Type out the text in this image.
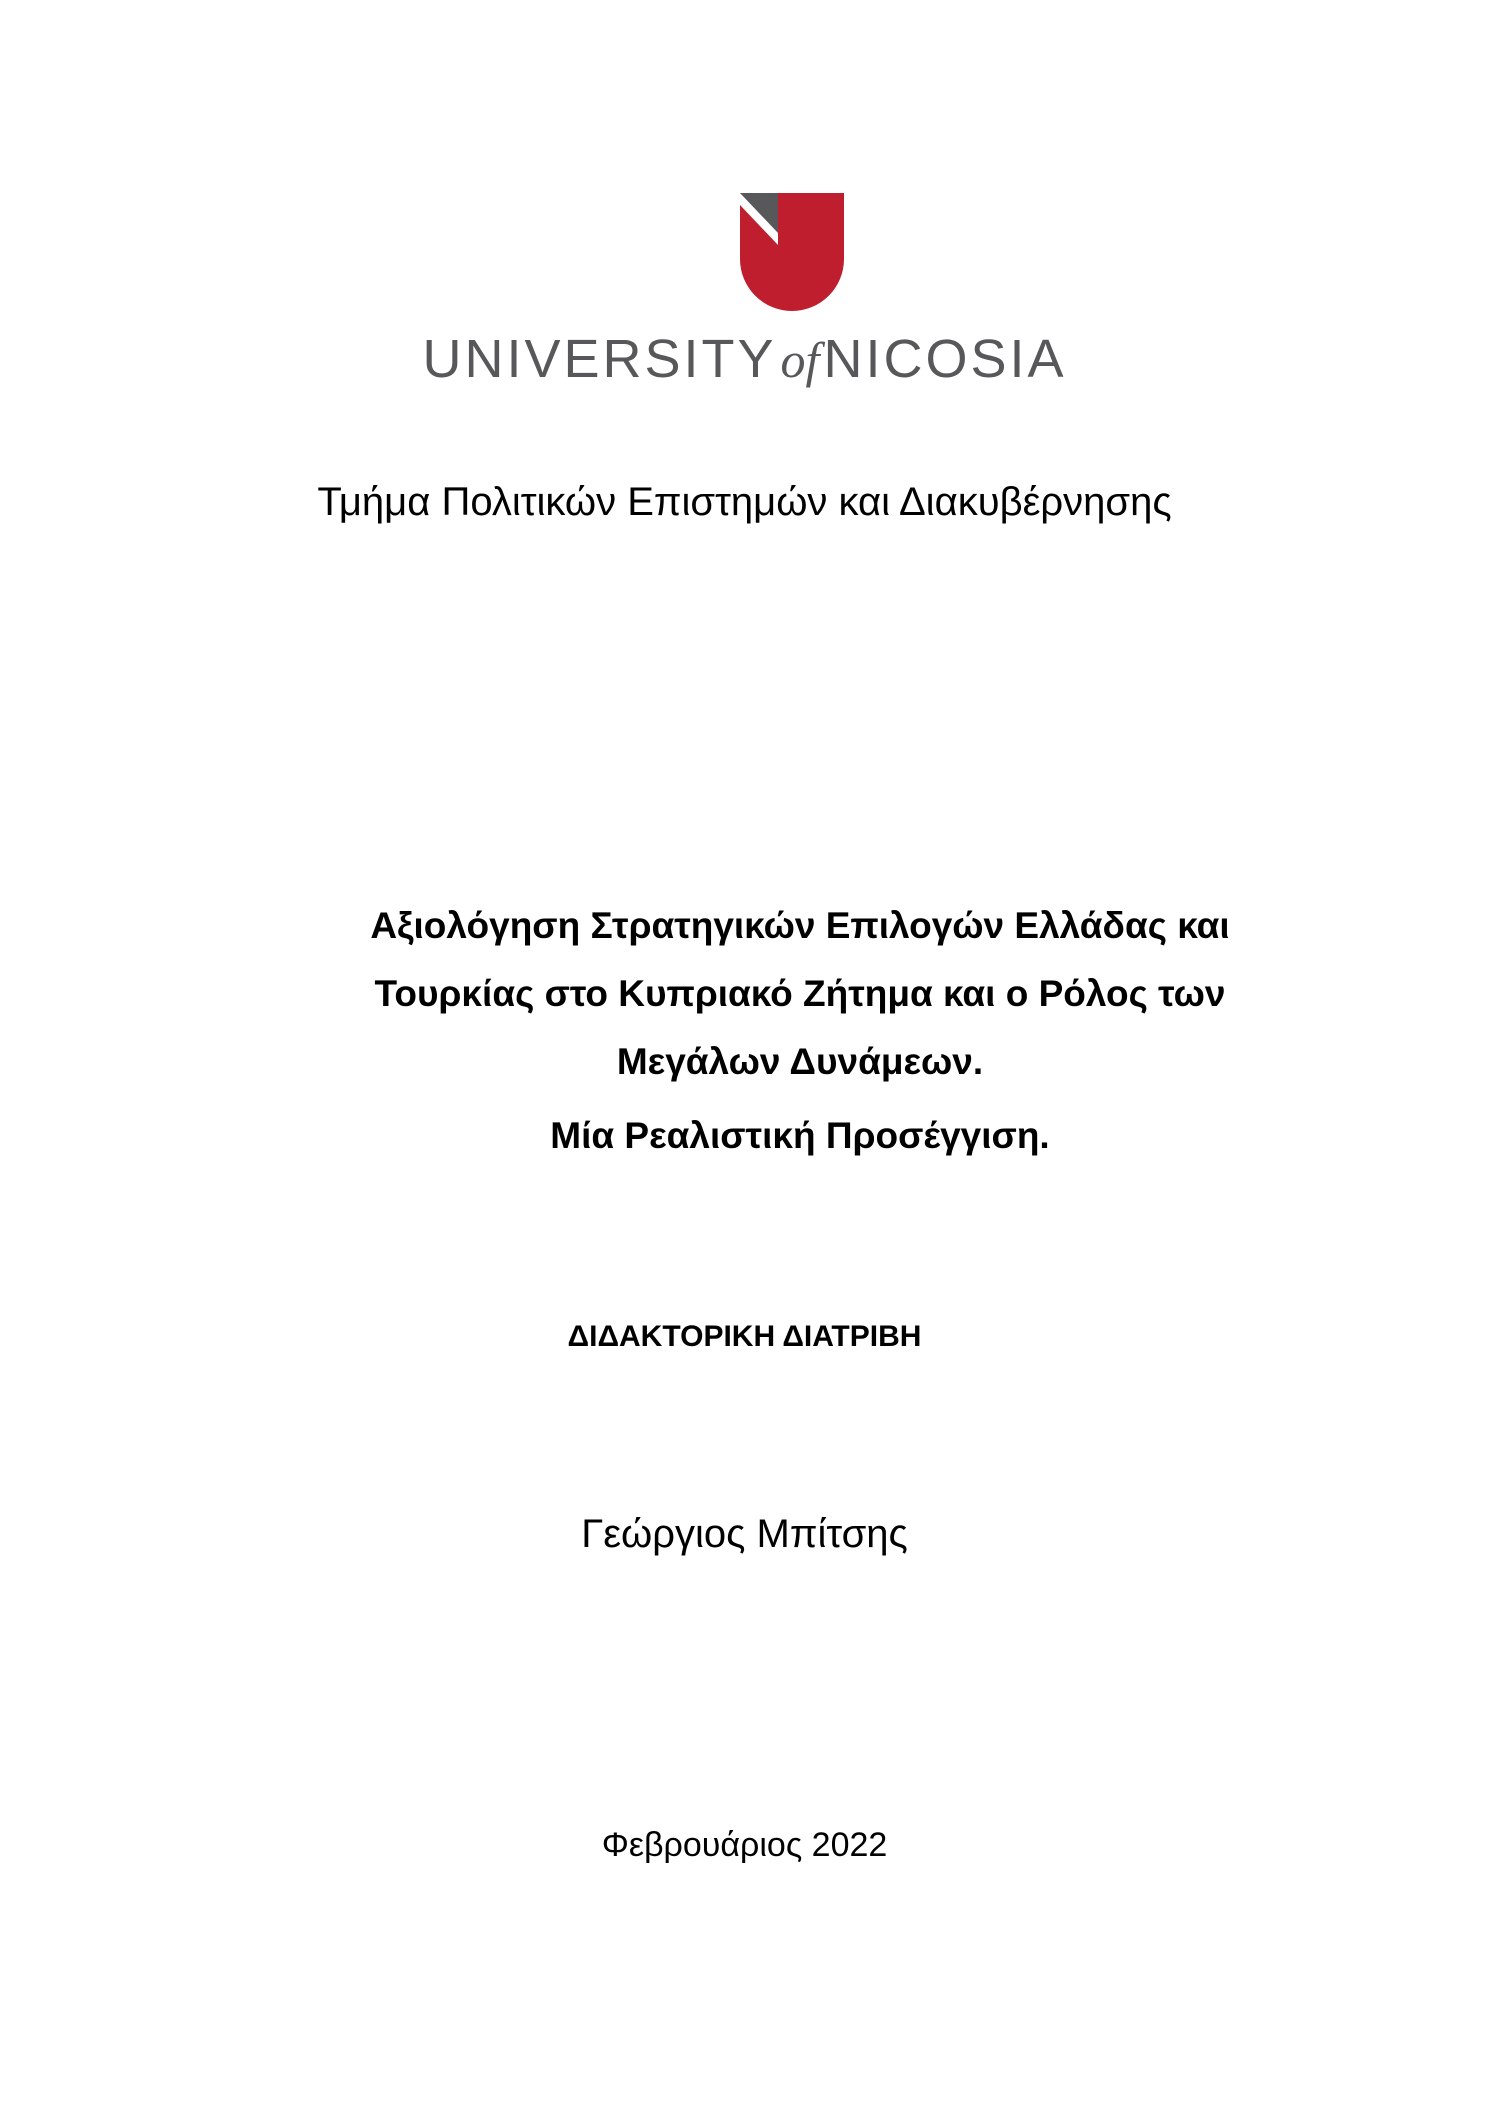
UNIVERSITYofNICOSIA
Τμήμα Πολιτικών Επιστημών και Διακυβέρνησης
Αξιολόγηση Στρατηγικών Επιλογών Ελλάδας και
Τουρκίας στο Κυπριακό Ζήτημα και ο Ρόλος των
Μεγάλων Δυνάμεων.
Μία Ρεαλιστική Προσέγγιση.
ΔΙΔΑΚΤΟΡΙΚΗ ΔΙΑΤΡΙΒΗ
Γεώργιος Μπίτσης
Φεβρουάριος 2022
